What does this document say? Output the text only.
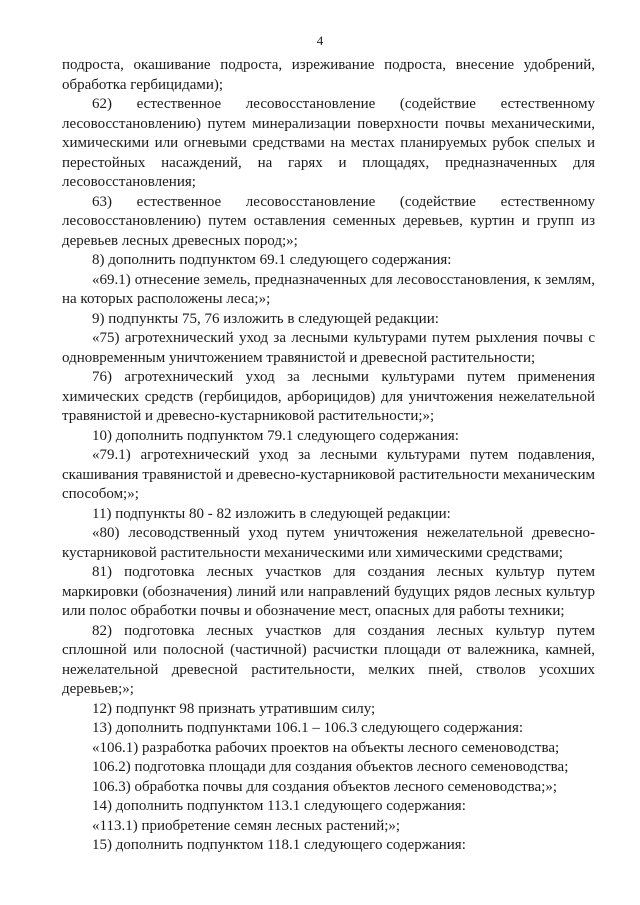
4

подроста, окашивание подроста, изреживание подроста, внесение удобрений, обработка гербицидами);

62) естественное лесовосстановление (содействие естественному лесовосстановлению) путем минерализации поверхности почвы механическими, химическими или огневыми средствами на местах планируемых рубок спелых и перестойных насаждений, на гарях и площадях, предназначенных для лесовосстановления;

63) естественное лесовосстановление (содействие естественному лесовосстановлению) путем оставления семенных деревьев, куртин и групп из деревьев лесных древесных пород;»;

8) дополнить подпунктом 69.1 следующего содержания:

«69.1) отнесение земель, предназначенных для лесовосстановления, к землям, на которых расположены леса;»;

9) подпункты 75, 76 изложить в следующей редакции:

«75) агротехнический уход за лесными культурами путем рыхления почвы с одновременным уничтожением травянистой и древесной растительности;

76) агротехнический уход за лесными культурами путем применения химических средств (гербицидов, арборицидов) для уничтожения нежелательной травянистой и древесно-кустарниковой растительности;»;

10) дополнить подпунктом 79.1 следующего содержания:

«79.1) агротехнический уход за лесными культурами путем подавления, скашивания травянистой и древесно-кустарниковой растительности механическим способом;»;

11) подпункты 80 - 82 изложить в следующей редакции:

«80) лесоводственный уход путем уничтожения нежелательной древесно-кустарниковой растительности механическими или химическими средствами;

81) подготовка лесных участков для создания лесных культур путем маркировки (обозначения) линий или направлений будущих рядов лесных культур или полос обработки почвы и обозначение мест, опасных для работы техники;

82) подготовка лесных участков для создания лесных культур путем сплошной или полосной (частичной) расчистки площади от валежника, камней, нежелательной древесной растительности, мелких пней, стволов усохших деревьев;»;

12) подпункт 98 признать утратившим силу;

13) дополнить подпунктами 106.1 – 106.3 следующего содержания:

«106.1) разработка рабочих проектов на объекты лесного семеноводства;

106.2) подготовка площади для создания объектов лесного семеноводства;

106.3) обработка почвы для создания объектов лесного семеноводства;»;

14) дополнить подпунктом 113.1 следующего содержания:

«113.1) приобретение семян лесных растений;»;

15) дополнить подпунктом 118.1 следующего содержания:
